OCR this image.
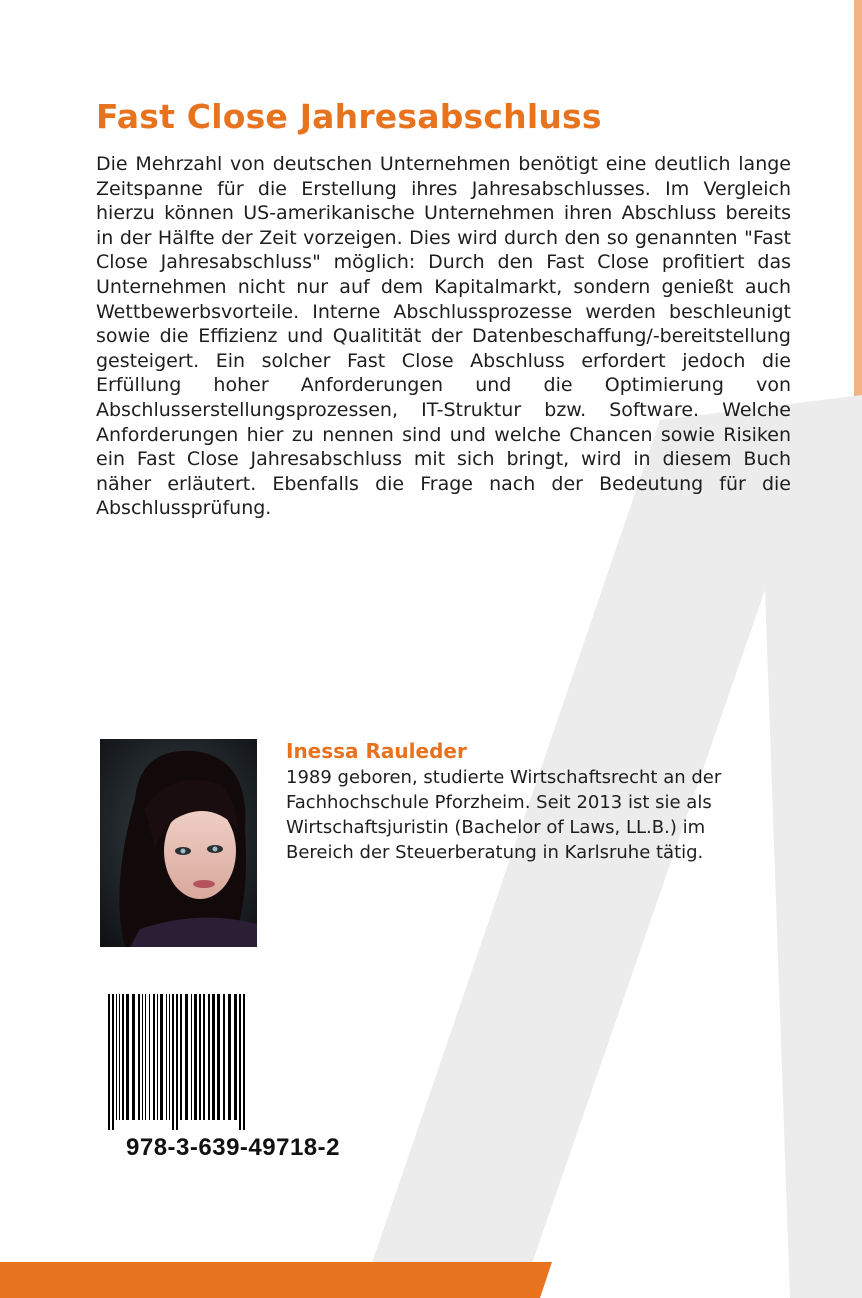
Fast Close Jahresabschluss

Die Mehrzahl von deutschen Unternehmen benötigt eine deutlich lange Zeitspanne für die Erstellung ihres Jahresabschlusses. Im Vergleich hierzu können US-amerikanische Unternehmen ihren Abschluss bereits in der Hälfte der Zeit vorzeigen. Dies wird durch den so genannten "Fast Close Jahresabschluss" möglich: Durch den Fast Close profitiert das Unternehmen nicht nur auf dem Kapitalmarkt, sondern genießt auch Wettbewerbsvorteile. Interne Abschlussprozesse werden beschleunigt sowie die Effizienz und Qualitität der Datenbeschaffung/-bereitstellung gesteigert. Ein solcher Fast Close Abschluss erfordert jedoch die Erfüllung hoher Anforderungen und die Optimierung von Abschlusserstellungsprozessen, IT-Struktur bzw. Software. Welche Anforderungen hier zu nennen sind und welche Chancen sowie Risiken ein Fast Close Jahresabschluss mit sich bringt, wird in diesem Buch näher erläutert. Ebenfalls die Frage nach der Bedeutung für die Abschlussprüfung.

Inessa Rauleder

1989 geboren, studierte Wirtschaftsrecht an der Fachhochschule Pforzheim. Seit 2013 ist sie als Wirtschaftsjuristin (Bachelor of Laws, LL.B.) im Bereich der Steuerberatung in Karlsruhe tätig.

978-3-639-49718-2
